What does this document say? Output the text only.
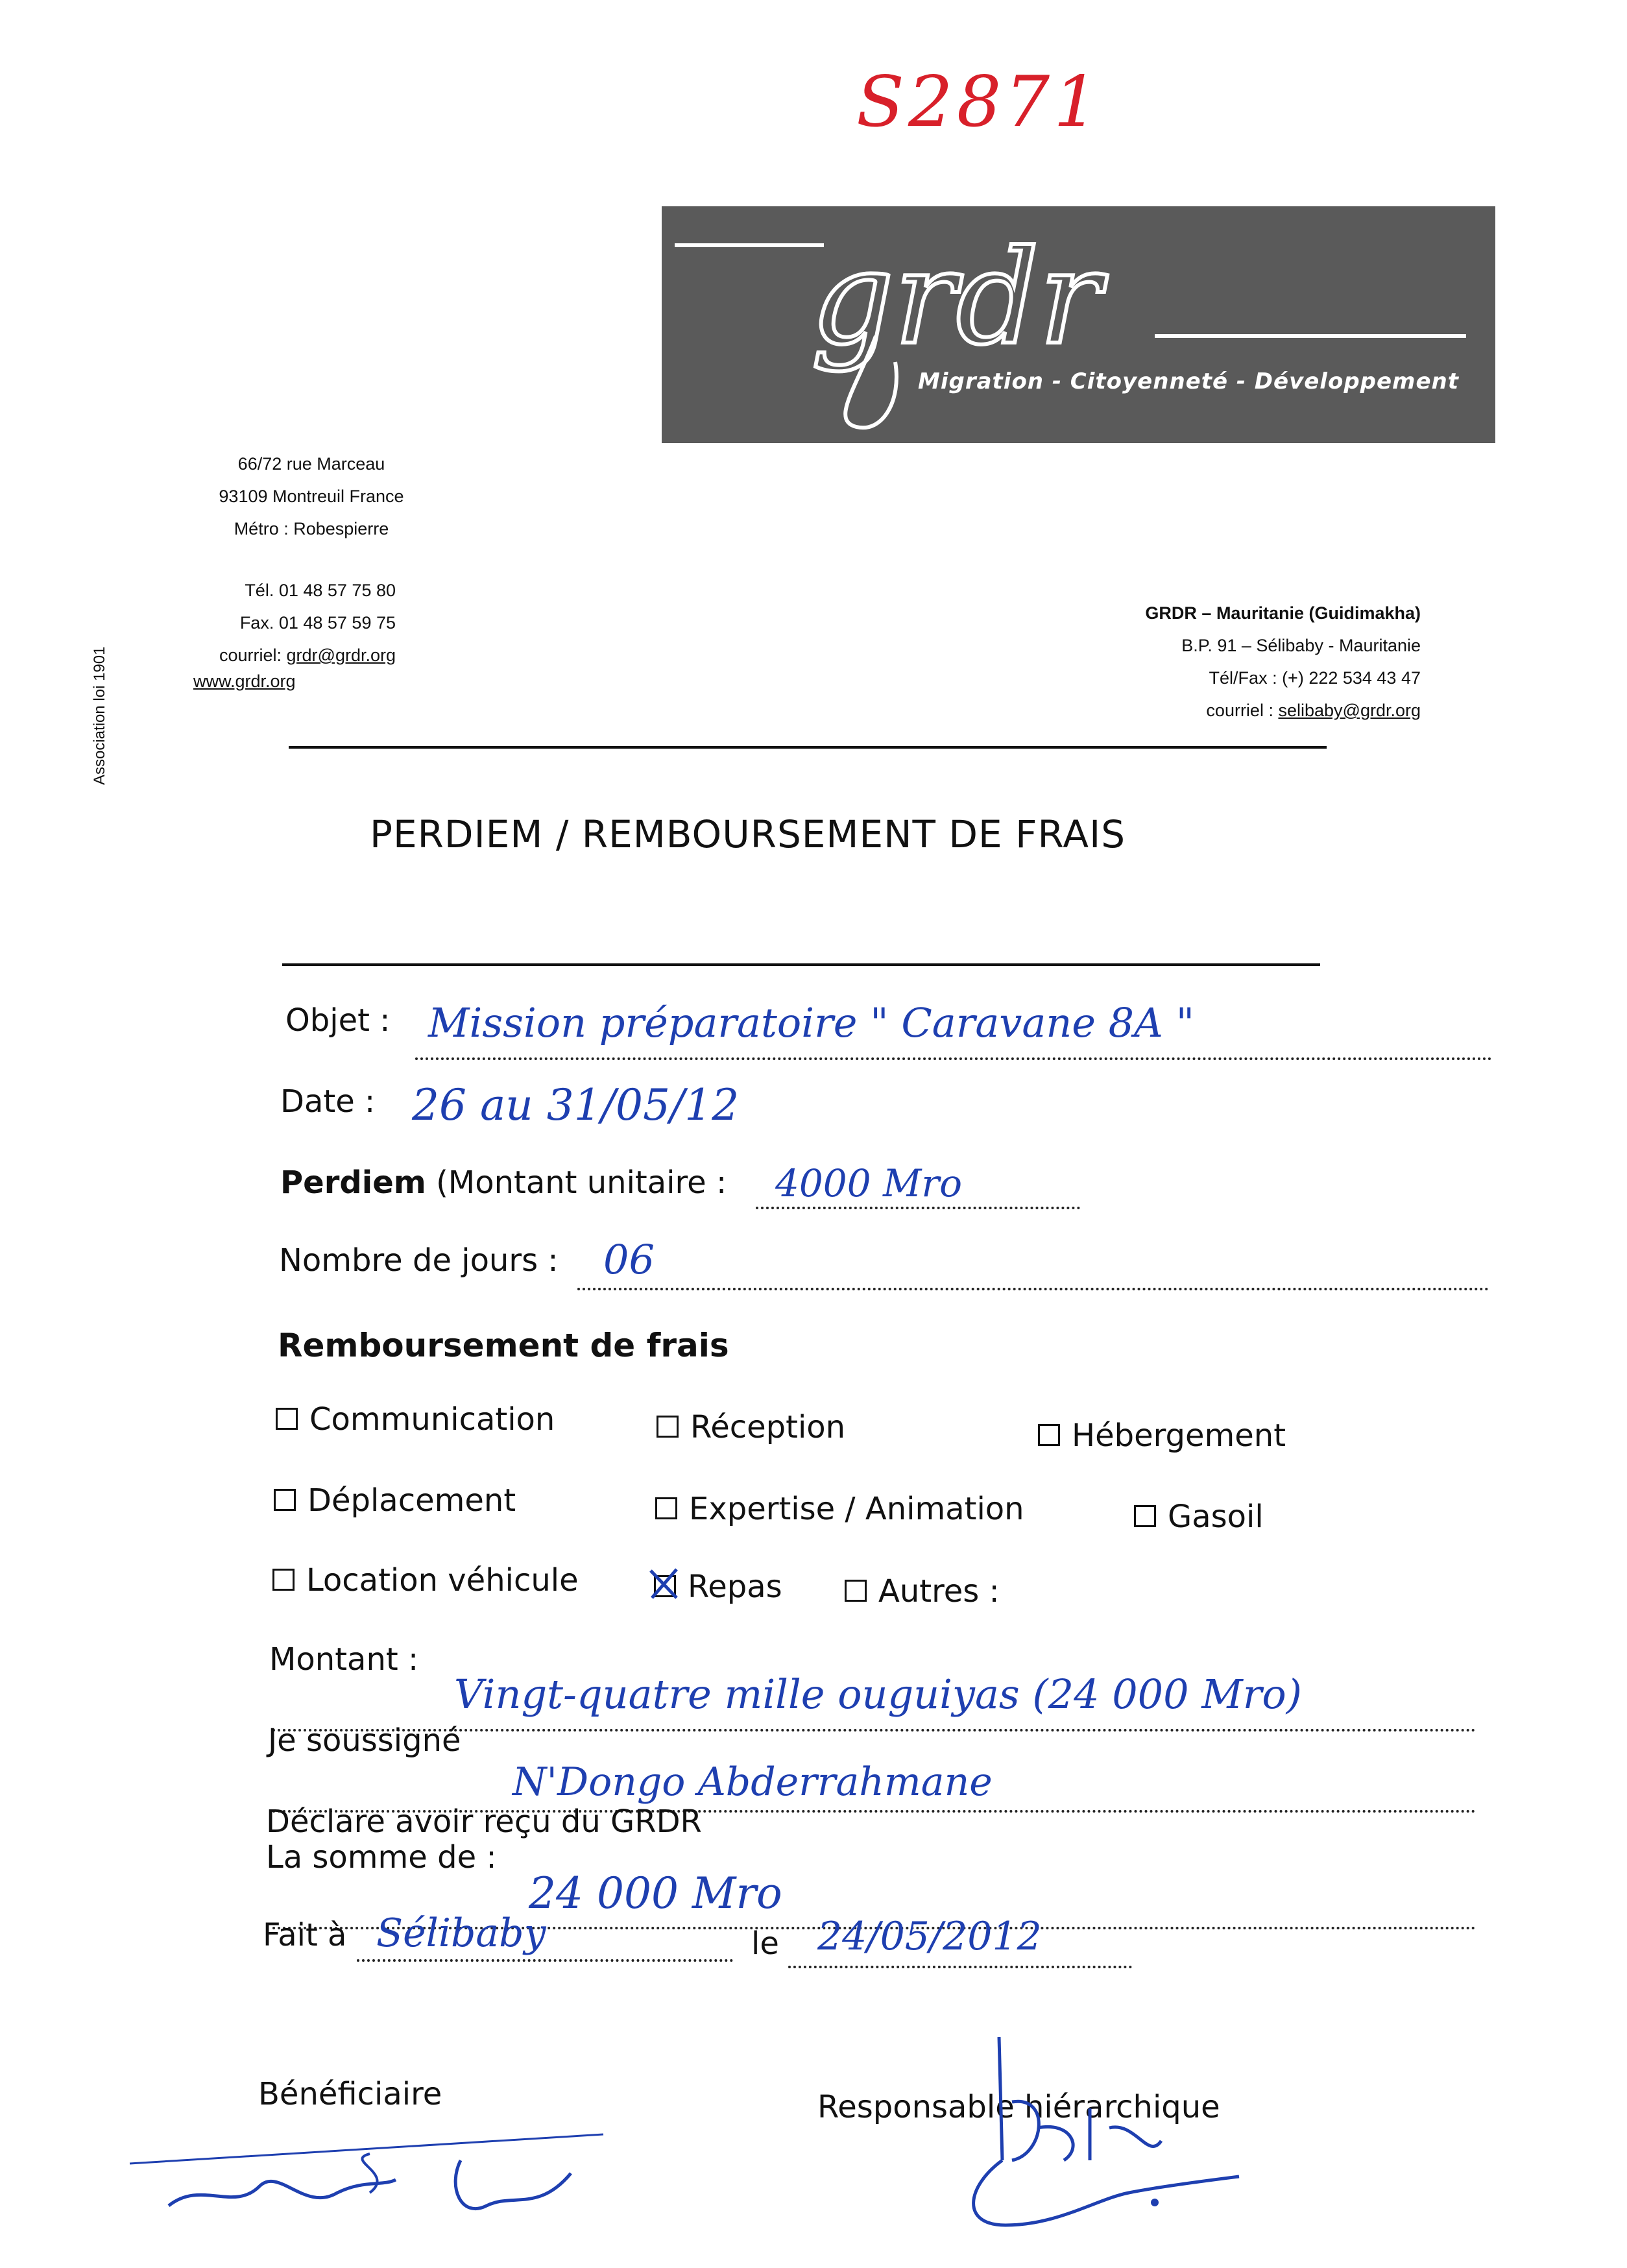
S2871
grdr
Migration - Citoyenneté - Développement
66/72 rue Marceau
93109 Montreuil France
Métro : Robespierre
Tél. 01 48 57 75 80
Fax. 01 48 57 59 75
courriel: grdr@grdr.org
www.grdr.org
GRDR – Mauritanie (Guidimakha)
B.P. 91 – Sélibaby - Mauritanie
Tél/Fax : (+) 222 534 43 47
courriel : selibaby@grdr.org
Association loi 1901
PERDIEM / REMBOURSEMENT DE FRAIS
Objet : Mission préparatoire " Caravane 8A "
Date : 26 au 31/05/12
Perdiem (Montant unitaire : 4000 Mro
Nombre de jours : 06
Remboursement de frais
Communication	Réception	Hébergement
Déplacement	Expertise / Animation	Gasoil
Location véhicule	Repas	Autres :
Montant :
Vingt-quatre mille ouguiyas (24 000 Mro)
Je soussigné
N'Dongo Abderrahmane
Déclare avoir reçu du GRDR
La somme de :
24 000 Mro
Fait à Sélibaby	le 24/05/2012
Bénéficiaire	Responsable hiérarchique
